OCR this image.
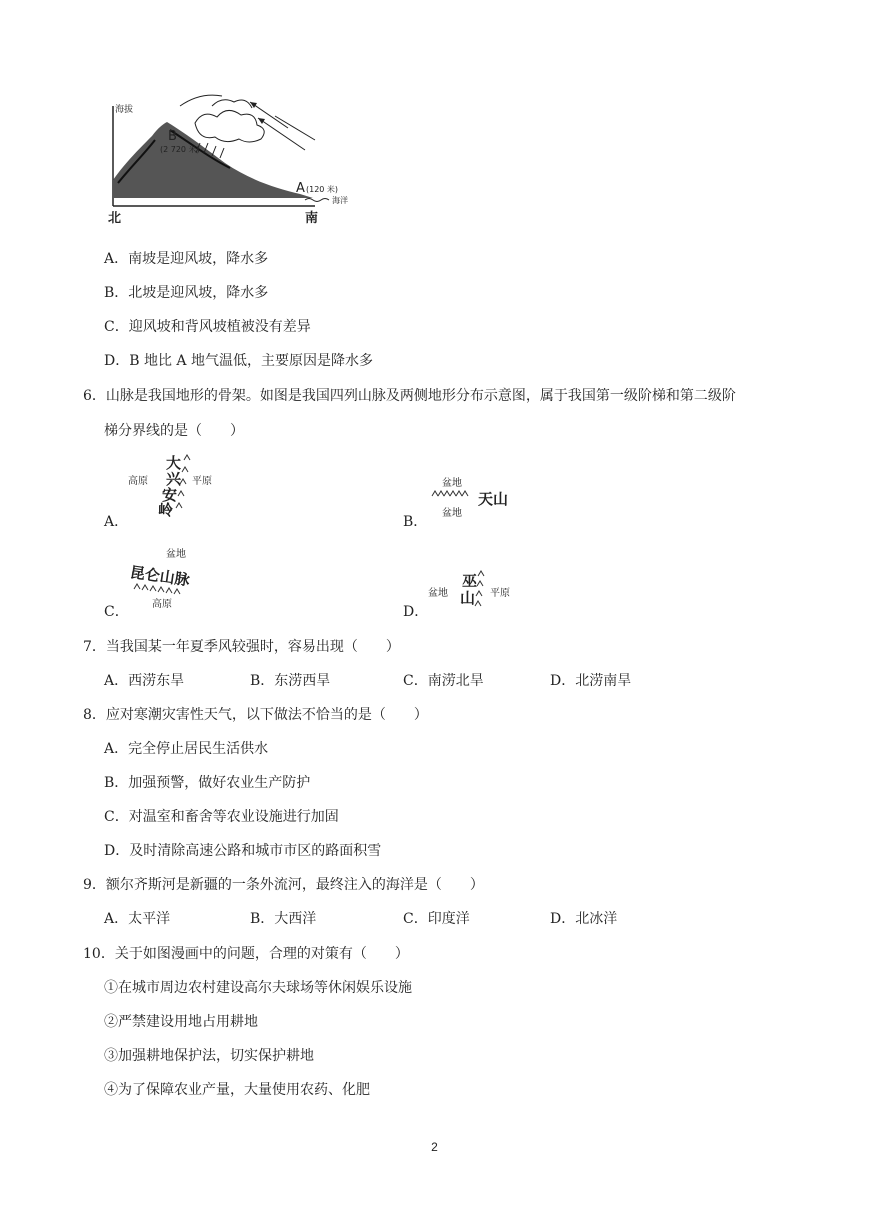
海拔
B
(2 720 米)
A (120 米)
海洋
北	南
A．南坡是迎风坡，降水多
B．北坡是迎风坡，降水多
C．迎风坡和背风坡植被没有差异
D．B 地比 A 地气温低，主要原因是降水多
6．山脉是我国地形的骨架。如图是我国四列山脉及两侧地形分布示意图，属于我国第一级阶梯和第二级阶
梯分界线的是（　　）
A．
高原
大
兴
安
岭
平原
B．
盆地
天山
盆地
C．
盆地
昆仑山脉
高原	D．
盆地
巫
山 平原
7．当我国某一年夏季风较强时，容易出现（　　）
A．西涝东旱	B．东涝西旱	C．南涝北旱	D．北涝南旱
8．应对寒潮灾害性天气，以下做法不恰当的是（　　）
A．完全停止居民生活供水
B．加强预警，做好农业生产防护
C．对温室和畜舍等农业设施进行加固
D．及时清除高速公路和城市市区的路面积雪
9．额尔齐斯河是新疆的一条外流河，最终注入的海洋是（　　）
A．太平洋	B．大西洋	C．印度洋	D．北冰洋
10．关于如图漫画中的问题，合理的对策有（　　）
①在城市周边农村建设高尔夫球场等休闲娱乐设施
②严禁建设用地占用耕地
③加强耕地保护法，切实保护耕地
④为了保障农业产量，大量使用农药、化肥
2
